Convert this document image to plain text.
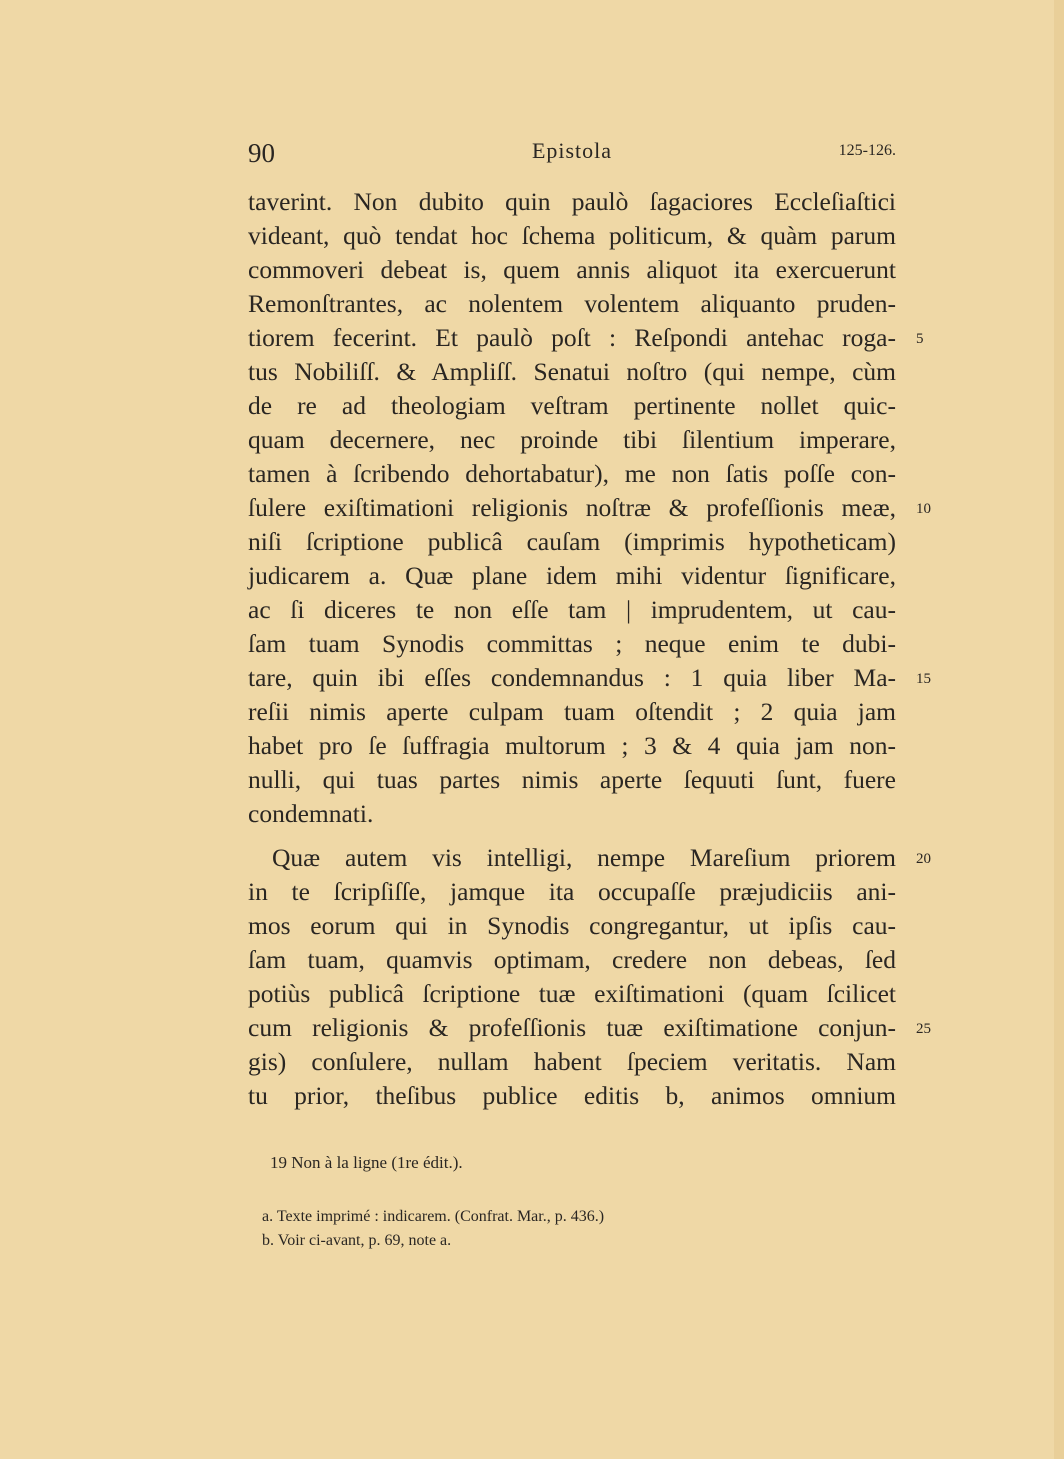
90	Epistola	125-126.
taverint. Non dubito quin paulò ſagaciores Eccleſiaſtici
videant, quò tendat hoc ſchema politicum, & quàm parum
commoveri debeat is, quem annis aliquot ita exercuerunt
Remonſtrantes, ac nolentem volentem aliquanto pruden-
tiorem fecerint. Et paulò poſt : Reſpondi antehac roga-
tus Nobiliſſ. & Ampliſſ. Senatui noſtro (qui nempe, cùm
de re ad theologiam veſtram pertinente nollet quic-
quam decernere, nec proinde tibi ſilentium imperare,
tamen à ſcribendo dehortabatur), me non ſatis poſſe con-
ſulere exiſtimationi religionis noſtræ & profeſſionis meæ,
niſi ſcriptione publicâ cauſam (imprimis hypotheticam)
judicarem a. Quæ plane idem mihi videntur ſignificare,
ac ſi diceres te non eſſe tam | imprudentem, ut cau-
ſam tuam Synodis committas ; neque enim te dubi-
tare, quin ibi eſſes condemnandus : 1 quia liber Ma-
reſii nimis aperte culpam tuam oſtendit ; 2 quia jam
habet pro ſe ſuffragia multorum ; 3 & 4 quia jam non-
nulli, qui tuas partes nimis aperte ſequuti ſunt, fuere
condemnati.
Quæ autem vis intelligi, nempe Mareſium priorem
in te ſcripſiſſe, jamque ita occupaſſe præjudiciis ani-
mos eorum qui in Synodis congregantur, ut ipſis cau-
ſam tuam, quamvis optimam, credere non debeas, ſed
potiùs publicâ ſcriptione tuæ exiſtimationi (quam ſcilicet
cum religionis & profeſſionis tuæ exiſtimatione conjun-
gis) conſulere, nullam habent ſpeciem veritatis. Nam
tu prior, theſibus publice editis b, animos omnium
5
10
15
20
25
19 Non à la ligne (1re édit.).
a. Texte imprimé : indicarem. (Confrat. Mar., p. 436.)
b. Voir ci-avant, p. 69, note a.
